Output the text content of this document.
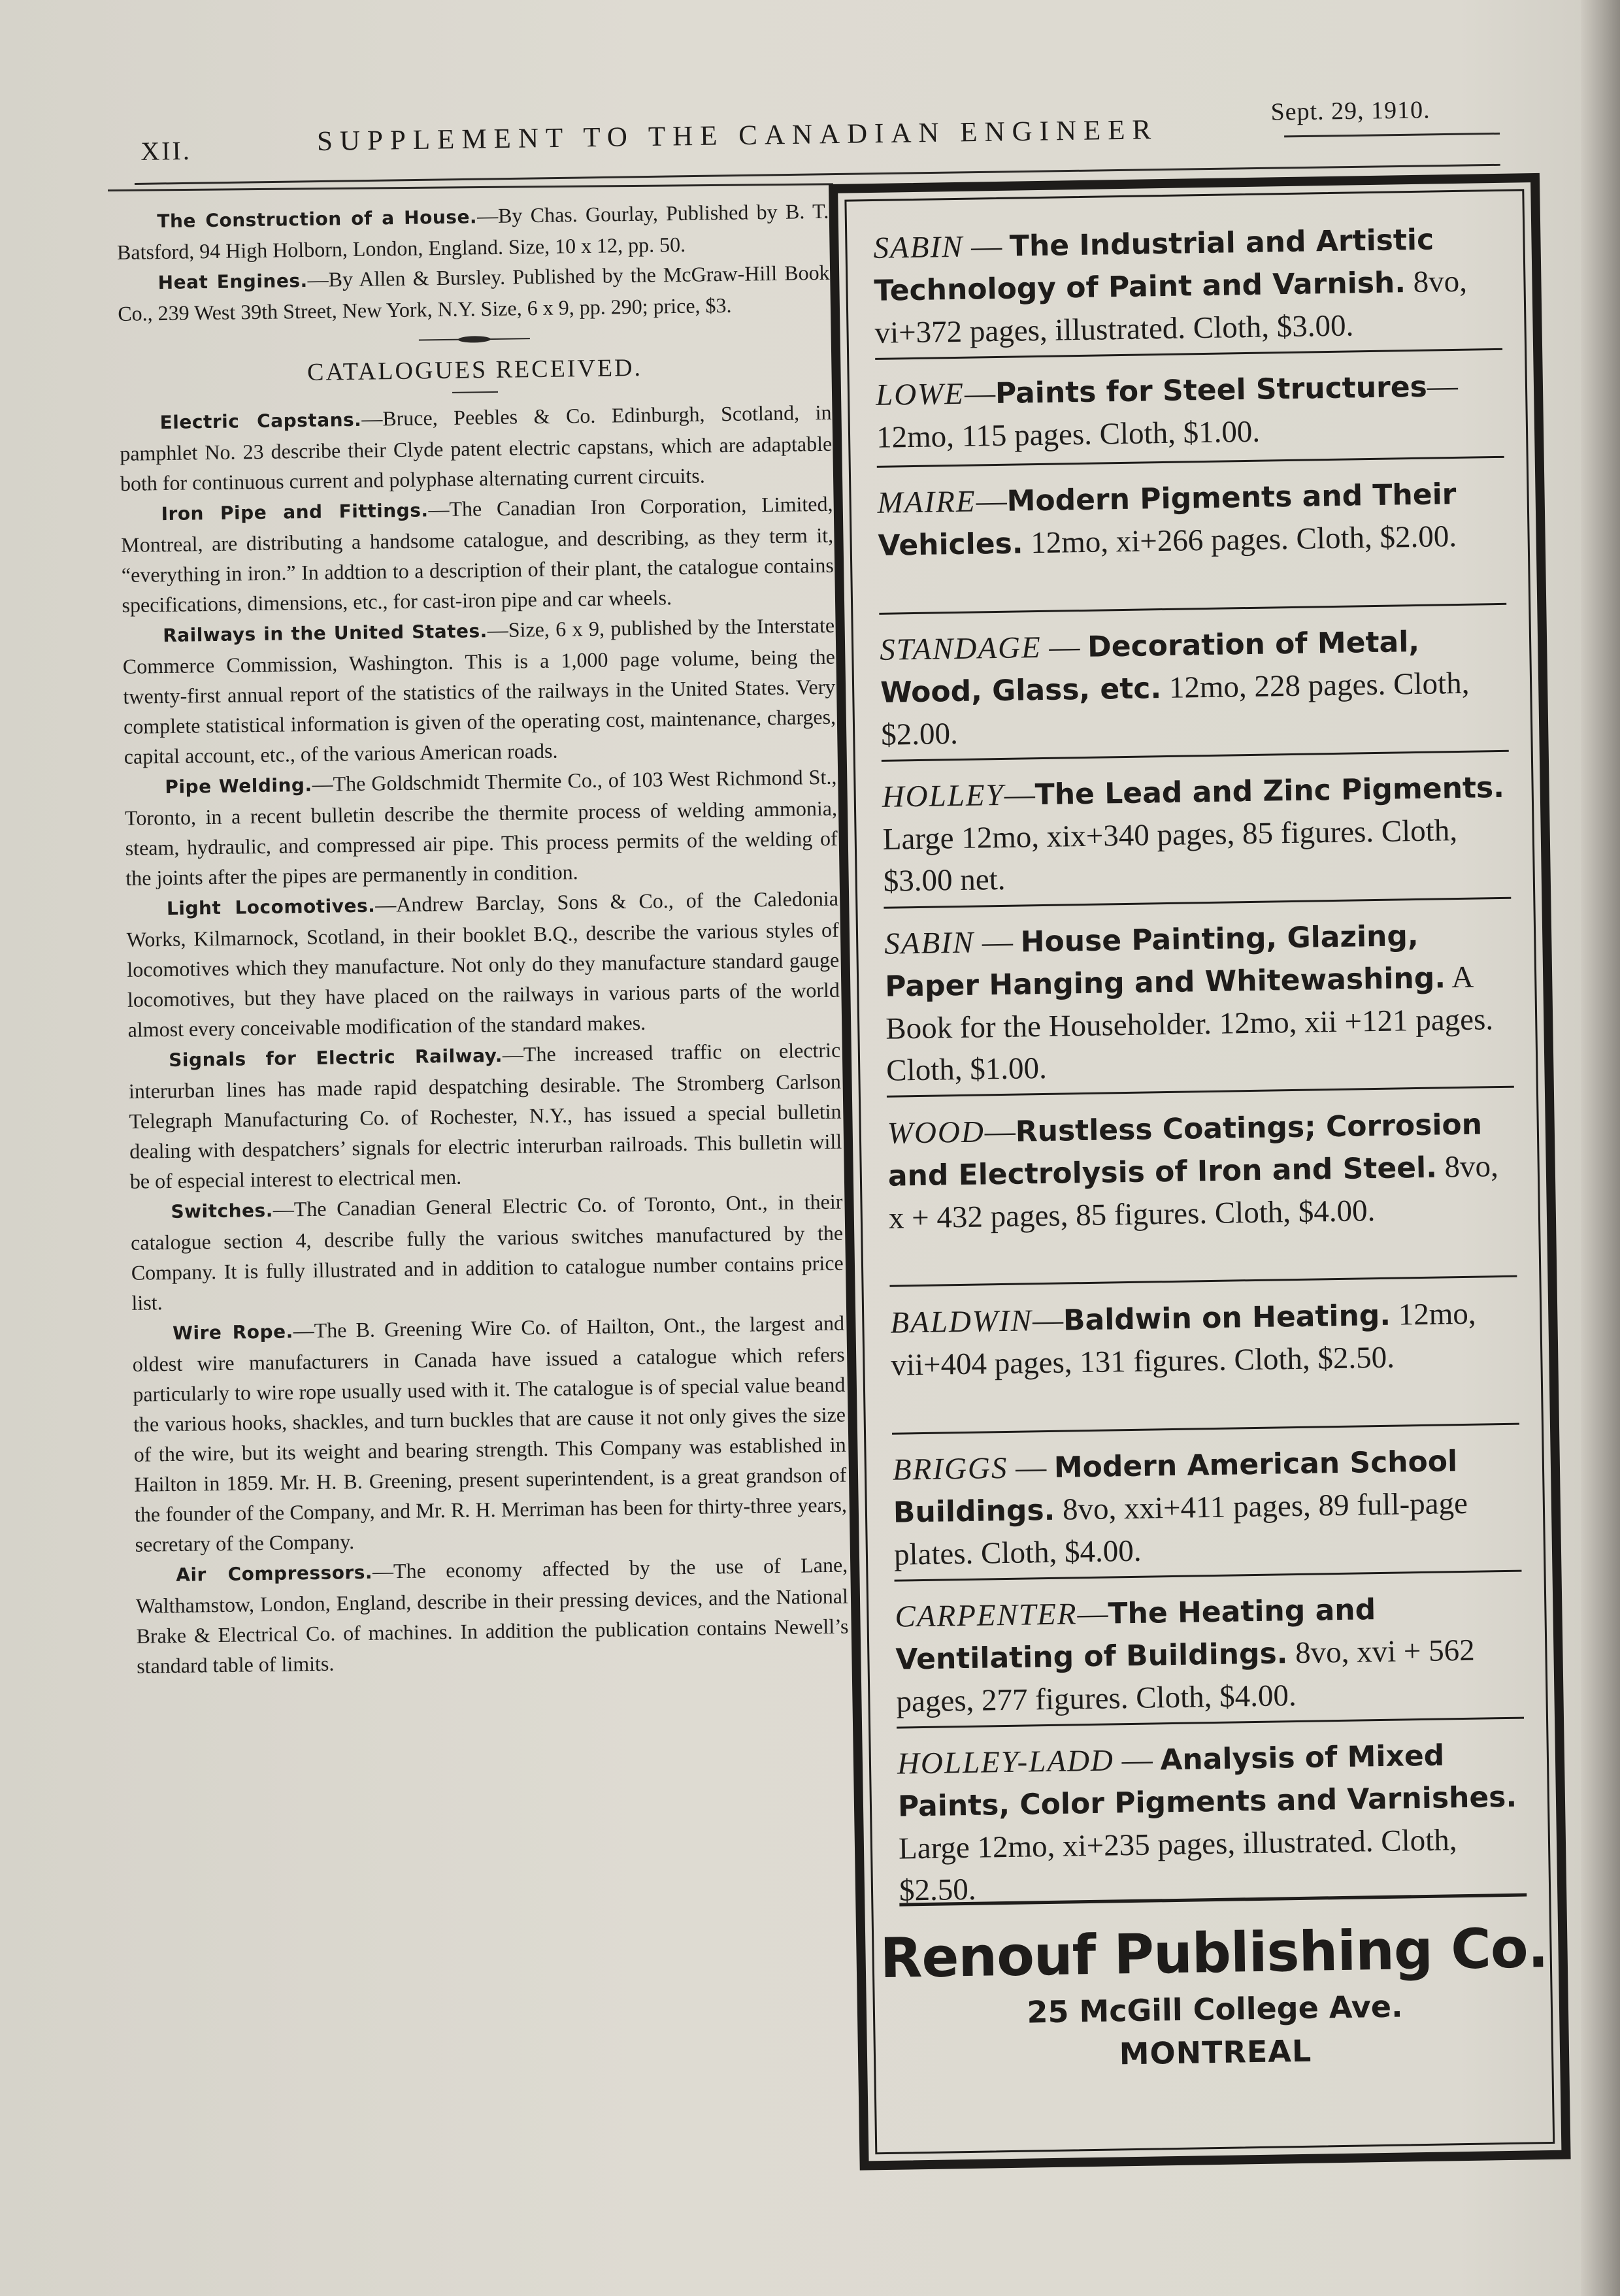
XII.	SUPPLEMENT TO THE CANADIAN ENGINEER
Sept. 29, 1910.

The Construction of a House.—By Chas. Gourlay, Published by B. T. Batsford, 94 High Holborn, London, England. Size, 10 x 12, pp. 50.

Heat Engines.—By Allen & Bursley. Published by the McGraw-Hill Book Co., 239 West 39th Street, New York, N.Y. Size, 6 x 9, pp. 290; price, $3.

CATALOGUES RECEIVED.

Electric Capstans.—Bruce, Peebles & Co. Edinburgh, Scotland, in pamphlet No. 23 describe their Clyde patent electric capstans, which are adaptable both for continuous current and polyphase alternating current circuits.

Iron Pipe and Fittings.—The Canadian Iron Corporation, Limited, Montreal, are distributing a handsome catalogue, and describing, as they term it, “everything in iron.” In addtion to a description of their plant, the catalogue contains specifications, dimensions, etc., for cast-iron pipe and car wheels.

Railways in the United States.—Size, 6 x 9, published by the Interstate Commerce Commission, Washington. This is a 1,000 page volume, being the twenty-first annual report of the statistics of the railways in the United States. Very complete statistical information is given of the operating cost, maintenance, charges, capital account, etc., of the various American roads.

Pipe Welding.—The Goldschmidt Thermite Co., of 103 West Richmond St., Toronto, in a recent bulletin describe the thermite process of welding ammonia, steam, hydraulic, and compressed air pipe. This process permits of the welding of the joints after the pipes are permanently in condition.

Light Locomotives.—Andrew Barclay, Sons & Co., of the Caledonia Works, Kilmarnock, Scotland, in their booklet B.Q., describe the various styles of locomotives which they manufacture. Not only do they manufacture standard gauge locomotives, but they have placed on the railways in various parts of the world almost every conceivable modification of the standard makes.

Signals for Electric Railway.—The increased traffic on electric interurban lines has made rapid despatching desirable. The Stromberg Carlson Telegraph Manufacturing Co. of Rochester, N.Y., has issued a special bulletin dealing with despatchers’ signals for electric interurban railroads. This bulletin will be of especial interest to electrical men.

Switches.—The Canadian General Electric Co. of Toronto, Ont., in their catalogue section 4, describe fully the various switches manufactured by the Company. It is fully illustrated and in addition to catalogue number contains price list.

Wire Rope.—The B. Greening Wire Co. of Hailton, Ont., the largest and oldest wire manufacturers in Canada have issued a catalogue which refers particularly to wire rope usually used with it. The catalogue is of special value beand the various hooks, shackles, and turn buckles that are cause it not only gives the size of the wire, but its weight and bearing strength. This Company was established in Hailton in 1859. Mr. H. B. Greening, present superintendent, is a great grandson of the founder of the Company, and Mr. R. H. Merriman has been for thirty-three years, secretary of the Company.

Air Compressors.—The economy affected by the use of Lane, Walthamstow, London, England, describe in their pressing devices, and the National Brake & Electrical Co. of machines. In addition the publication contains Newell’s standard table of limits.

SABIN — The Industrial and Artistic Technology of Paint and Varnish. 8vo, vi+372 pages, illustrated. Cloth, $3.00.
LOWE—Paints for Steel Structures— 12mo, 115 pages. Cloth, $1.00.
MAIRE—Modern Pigments and Their Vehicles. 12mo, xi+266 pages. Cloth, $2.00.
STANDAGE — Decoration of Metal, Wood, Glass, etc. 12mo, 228 pages. Cloth, $2.00.
HOLLEY—The Lead and Zinc Pigments. Large 12mo, xix+340 pages, 85 figures. Cloth, $3.00 net.
SABIN — House Painting, Glazing, Paper Hanging and Whitewashing. A Book for the Householder. 12mo, xii +121 pages. Cloth, $1.00.
WOOD—Rustless Coatings; Corrosion and Electrolysis of Iron and Steel. 8vo, x + 432 pages, 85 figures. Cloth, $4.00.
BALDWIN—Baldwin on Heating. 12mo, vii+404 pages, 131 figures. Cloth, $2.50.
BRIGGS — Modern American School Buildings. 8vo, xxi+411 pages, 89 full-page plates. Cloth, $4.00.
CARPENTER—The Heating and Ventilating of Buildings. 8vo, xvi + 562 pages, 277 figures. Cloth, $4.00.
HOLLEY-LADD — Analysis of Mixed Paints, Color Pigments and Varnishes. Large 12mo, xi+235 pages, illustrated. Cloth, $2.50.
Renouf Publishing Co.
25 McGill College Ave.
MONTREAL
